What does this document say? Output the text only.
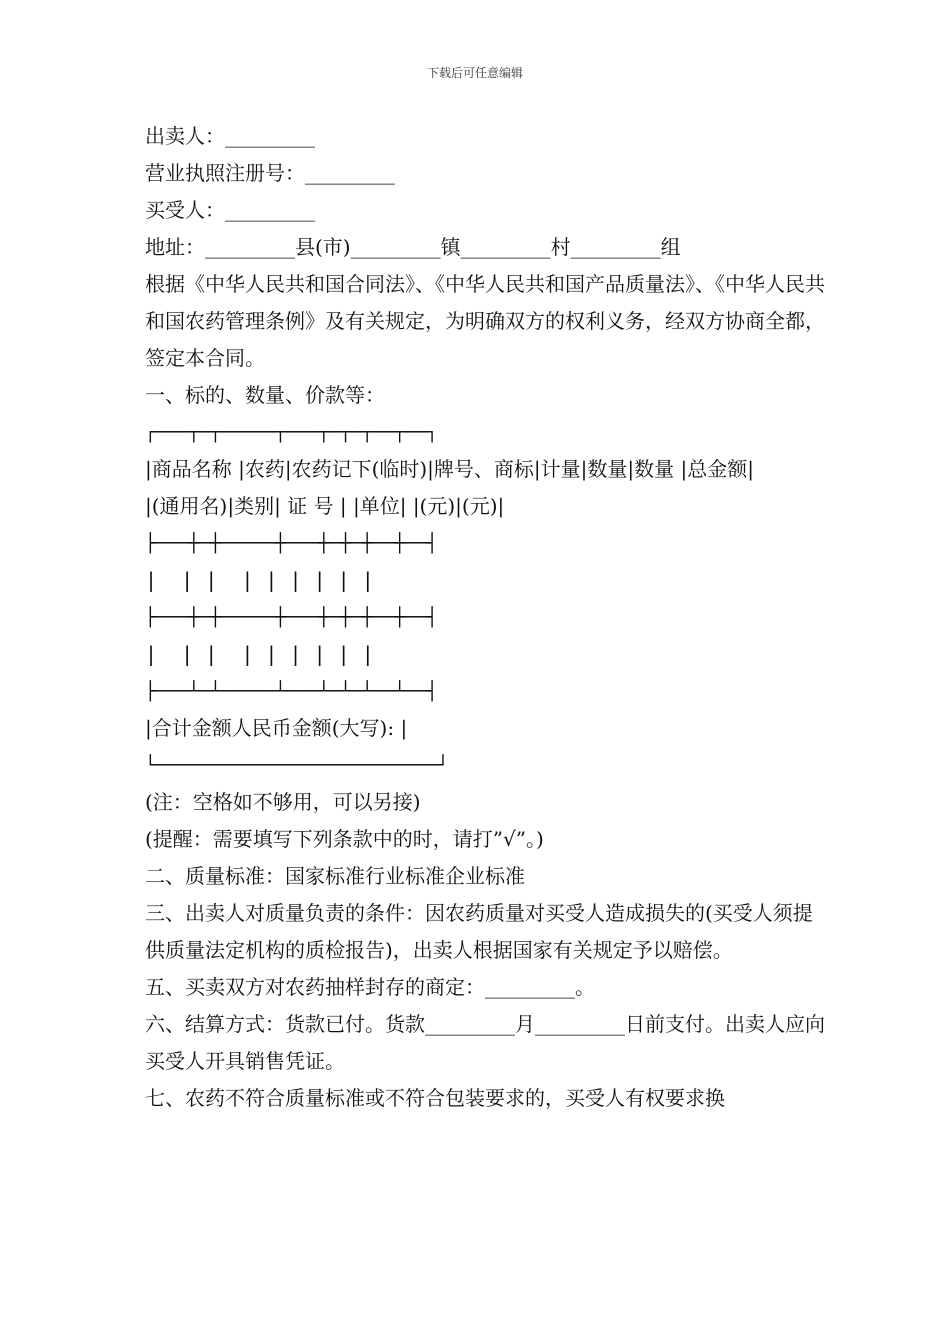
下载后可任意编辑
出卖人：_________
营业执照注册号：_________
买受人：_________
地址：_________县(市)_________镇_________村_________组
根据《中华人民共和国合同法》、《中华人民共和国产品质量法》、《中华人民共和国农药管理条例》及有关规定，为明确双方的权利义务，经双方协商全都，签定本合同。
一、标的、数量、价款等：
┌───┬─┬─────┬───┬─┬─┬──┬──┐
|商品名称 |农药|农药记下(临时)|牌号、商标|计量|数量|数量 |总金额|
|(通用名)|类别| 证 号 | |单位| |(元)|(元)|
├───┼─┼─────┼───┼─┼─┼──┼──┤
|  | |  | | | | | |
├───┼─┼─────┼───┼─┼─┼──┼──┤
|  | |  | | | | | |
├───┴─┴─────┴───┴─┴─┴──┴──┤
|合计金额人民币金额(大写): |
└──────────────────────────┘
(注：空格如不够用，可以另接)
(提醒：需要填写下列条款中的时，请打”√”。)
二、质量标准：国家标准行业标准企业标准
三、出卖人对质量负责的条件：因农药质量对买受人造成损失的(买受人须提供质量法定机构的质检报告)，出卖人根据国家有关规定予以赔偿。
五、买卖双方对农药抽样封存的商定：_________。
六、结算方式：货款已付。货款_________月_________日前支付。出卖人应向买受人开具销售凭证。
七、农药不符合质量标准或不符合包装要求的，买受人有权要求换
